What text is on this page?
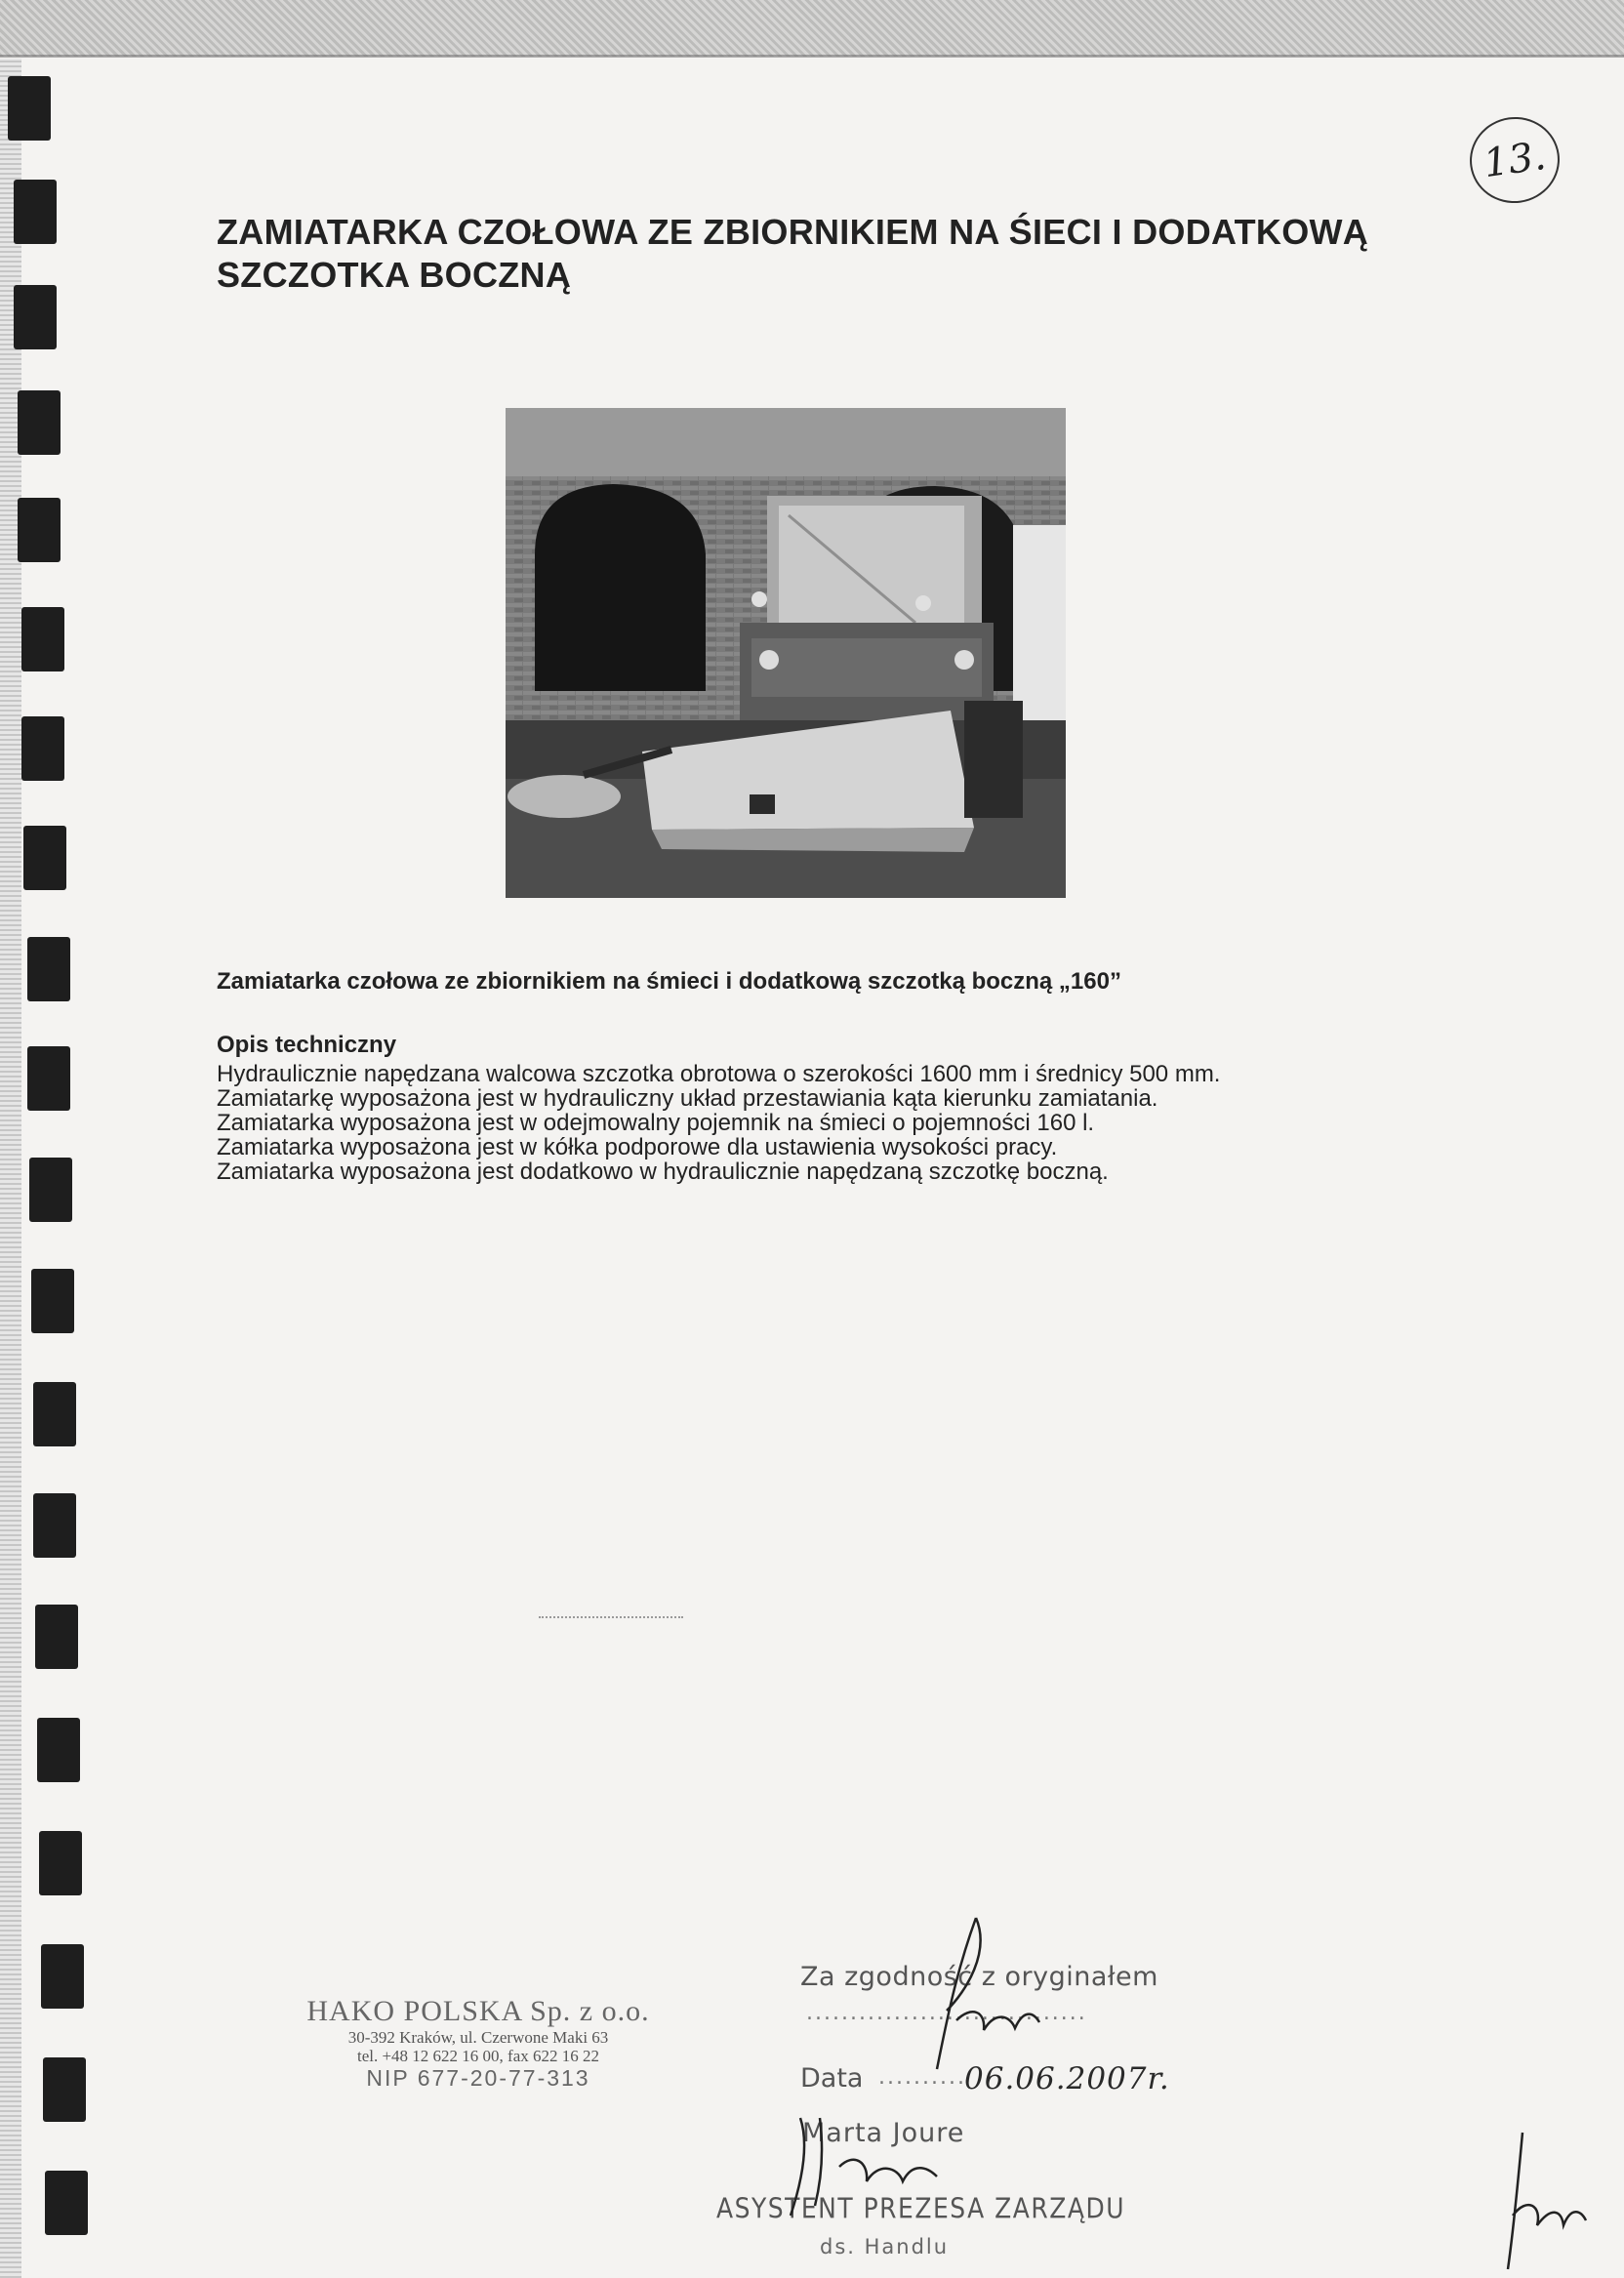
13.
ZAMIATARKA CZOŁOWA ZE ZBIORNIKIEM NA ŚIECI I DODATKOWĄ
SZCZOTKA BOCZNĄ
Zamiatarka czołowa ze zbiornikiem na śmieci i dodatkową szczotką boczną „160”
Opis techniczny
Hydraulicznie napędzana walcowa szczotka obrotowa o szerokości 1600 mm i średnicy 500 mm.
Zamiatarkę wyposażona jest w hydrauliczny układ przestawiania kąta kierunku zamiatania.
Zamiatarka wyposażona jest w odejmowalny pojemnik na śmieci o pojemności 160 l.
Zamiatarka wyposażona jest w kółka podporowe dla ustawienia wysokości pracy.
Zamiatarka wyposażona jest dodatkowo w hydraulicznie napędzaną szczotkę boczną.
HAKO POLSKA Sp. z o.o.
30-392 Kraków, ul. Czerwone Maki 63
tel. +48 12 622 16 00, fax 622 16 22
NIP 677-20-77-313
Za zgodność z oryginałem
................................
Data ..........
06.06.2007r.
Marta Joure
ASYSTENT PREZESA ZARZĄDU
ds. Handlu
